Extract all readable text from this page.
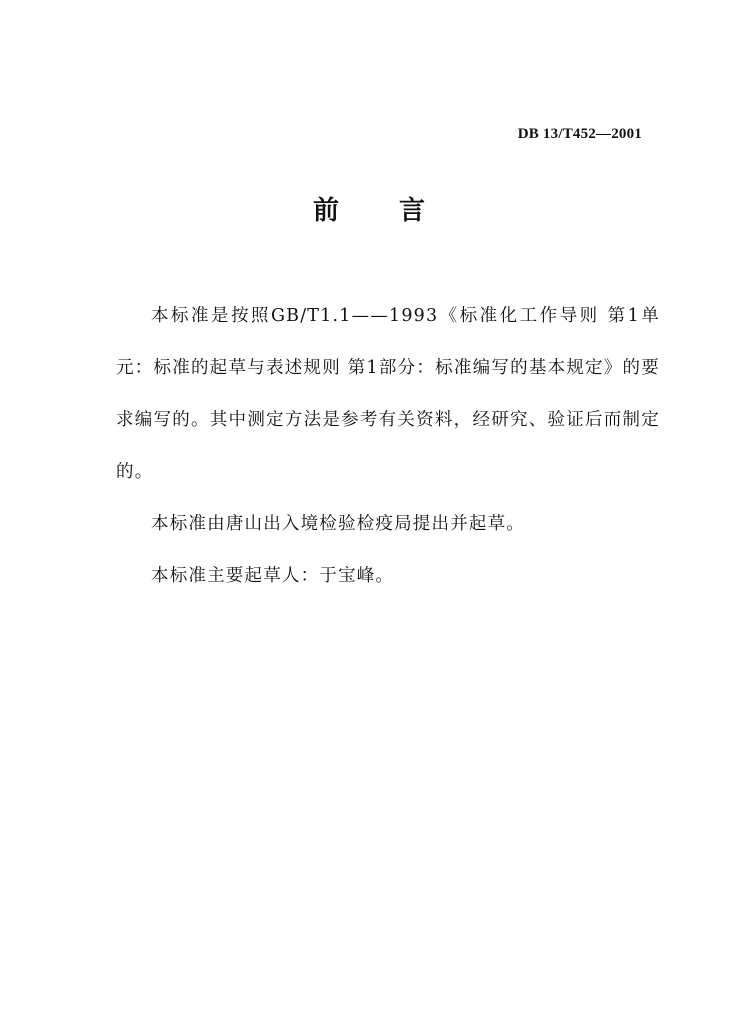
DB 13/T452—2001
前言

本标准是按照GB/T1.1——1993《标准化工作导则 第1单元：标准的起草与表述规则 第1部分：标准编写的基本规定》的要求编写的。其中测定方法是参考有关资料，经研究、验证后而制定的。

本标准由唐山出入境检验检疫局提出并起草。

本标准主要起草人：于宝峰。
